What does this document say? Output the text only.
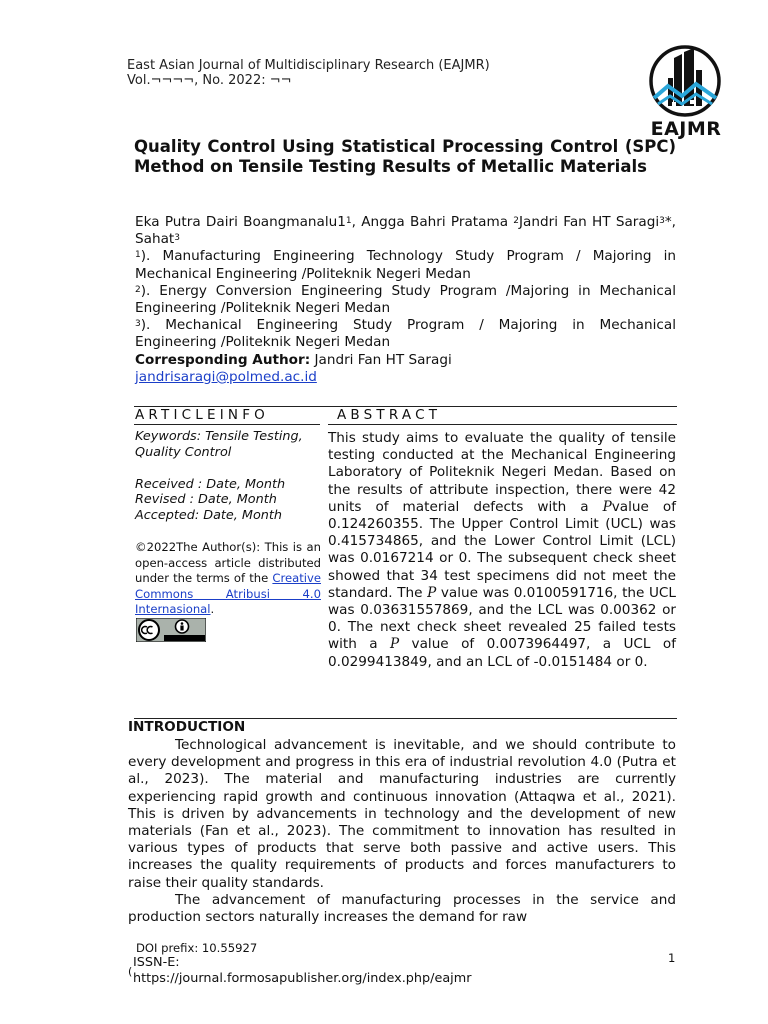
East Asian Journal of Multidisciplinary Research (EAJMR)
Vol.¬¬¬¬, No. 2022: ¬¬
EAJMR
Quality Control Using Statistical Processing Control (SPC) Method on Tensile Testing Results of Metallic Materials

Eka Putra Dairi $Boangmanalu1^1$, Angga Bahri Pratama $^2$Jandri Fan HT Saragi$^3$*, Sahat$^3$

$^1$). Manufacturing Engineering Technology Study Program / Majoring in Mechanical Engineering /Politeknik Negeri Medan

$^2$). Energy Conversion Engineering Study Program /Majoring in Mechanical Engineering /Politeknik Negeri Medan

$^3$). Mechanical Engineering Study Program / Majoring in Mechanical Engineering /Politeknik Negeri Medan

Corresponding Author: Jandri Fan HT Saragi

jandrisaragi@polmed.ac.id

ARTICLEINFO	ABSTRACT
Keywords: Tensile Testing, Quality Control
Received : Date, Month
Revised : Date, Month
Accepted: Date, Month
©2022The Author(s): This is an open-access article distributed under the terms of the Creative Commons Atribusi 4.0 Internasional.
This study aims to evaluate the quality of tensile testing conducted at the Mechanical Engineering Laboratory of Politeknik Negeri Medan. Based on the results of attribute inspection, there were 42 units of material defects with a Pvalue of 0.124260355. The Upper Control Limit (UCL) was 0.415734865, and the Lower Control Limit (LCL) was 0.0167214 or 0. The subsequent check sheet showed that 34 test specimens did not meet the standard. The P value was 0.0100591716, the UCL was 0.03631557869, and the LCL was 0.00362 or 0. The next check sheet revealed 25 failed tests with a P value of 0.0073964497, a UCL of 0.0299413849, and an LCL of -0.0151484 or 0.
INTRODUCTION

Technological advancement is inevitable, and we should contribute to every development and progress in this era of industrial revolution 4.0 (Putra et al., 2023). The material and manufacturing industries are currently experiencing rapid growth and continuous innovation (Attaqwa et al., 2021). This is driven by advancements in technology and the development of new materials (Fan et al., 2023). The commitment to innovation has resulted in various types of products that serve both passive and active users. This increases the quality requirements of products and forces manufacturers to raise their quality standards.

The advancement of manufacturing processes in the service and production sectors naturally increases the demand for raw

DOI prefix: 10.55927
(
ISSN-E:
https://journal.formosapublisher.org/index.php/eajmr
1
